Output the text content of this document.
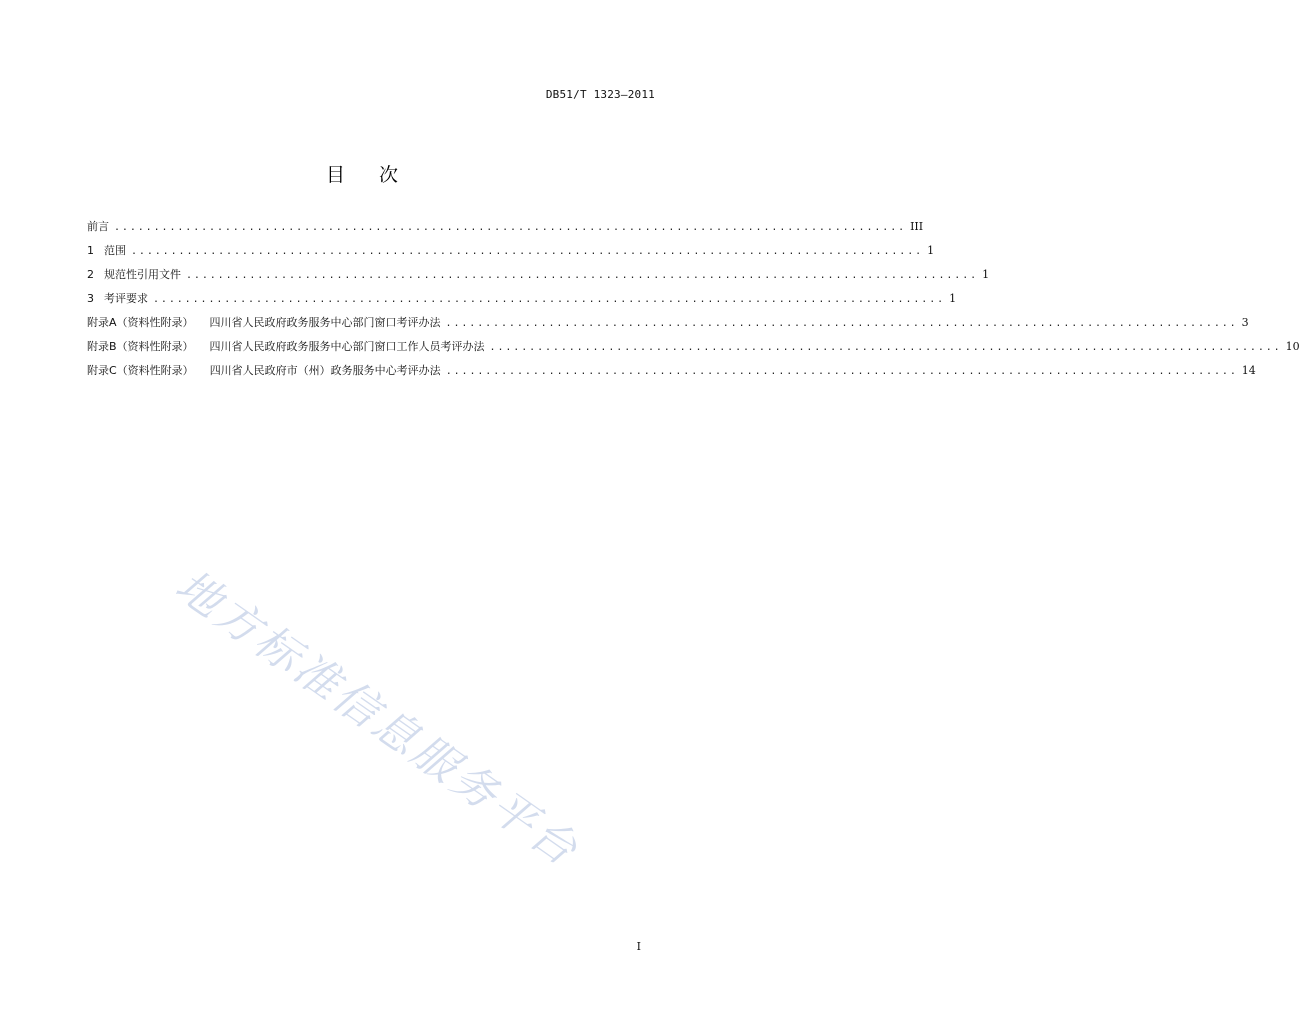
DB51/T 1323—2011
目 次
前言 .................................................................................................... III
1 范围 .................................................................................................... 1
2 规范性引用文件 .................................................................................................... 1
3 考评要求 .................................................................................................... 1
附录A（资料性附录） 四川省人民政府政务服务中心部门窗口考评办法 .................................................................................................... 3
附录B（资料性附录） 四川省人民政府政务服务中心部门窗口工作人员考评办法 .................................................................................................... 10
附录C（资料性附录） 四川省人民政府市（州）政务服务中心考评办法 .................................................................................................... 14
地方标准信息服务平台
I
